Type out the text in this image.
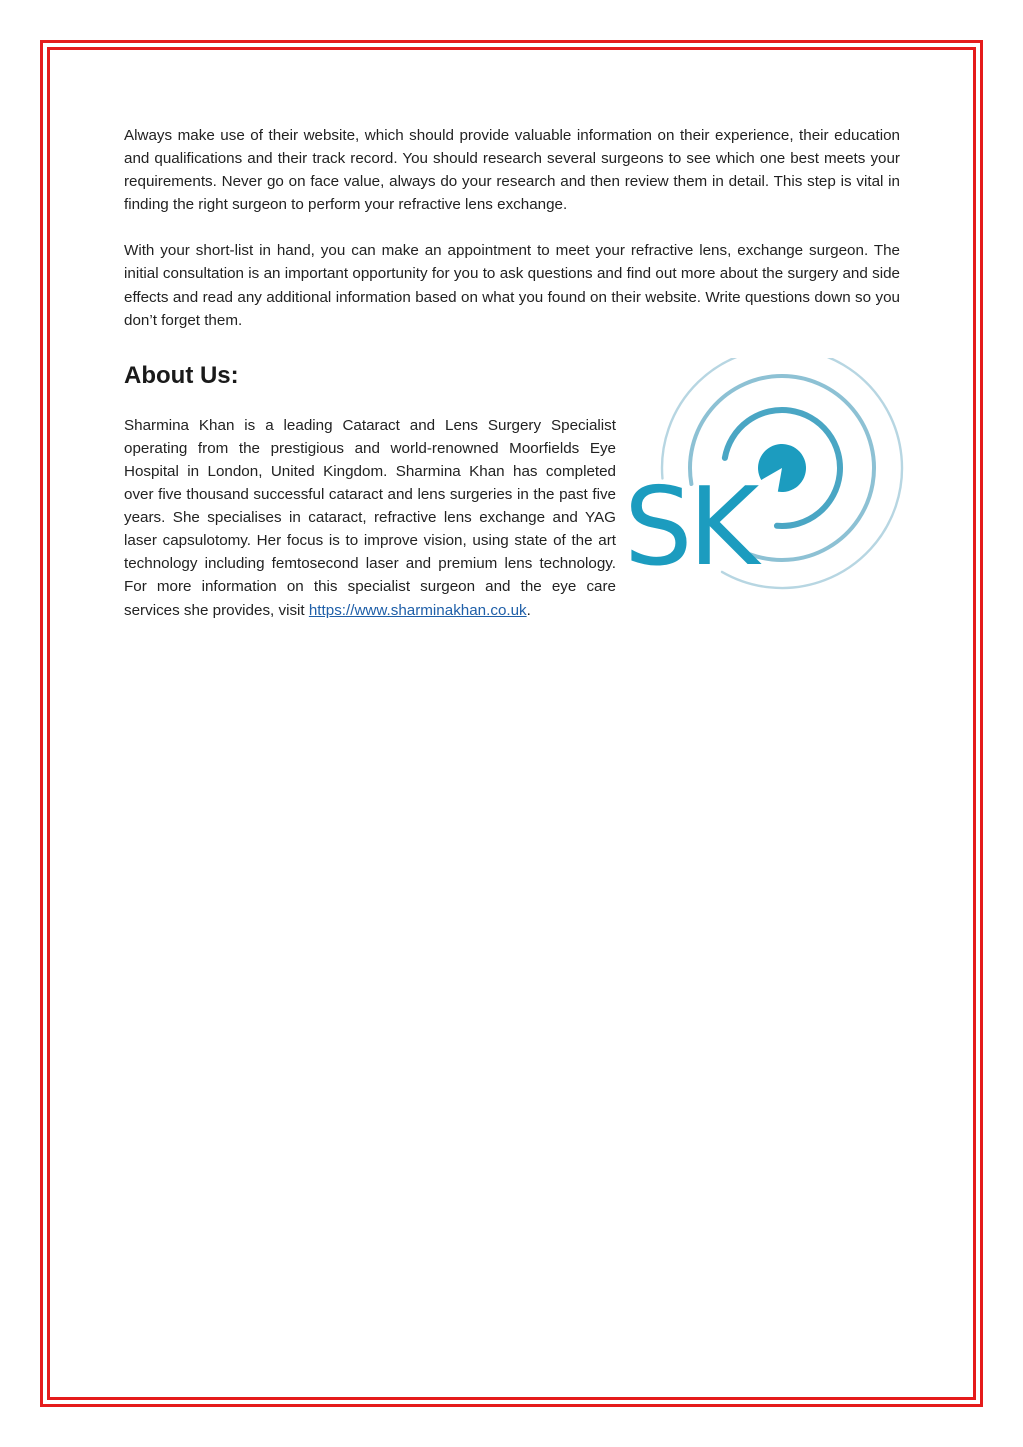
Always make use of their website, which should provide valuable information on their experience, their education and qualifications and their track record. You should research several surgeons to see which one best meets your requirements. Never go on face value, always do your research and then review them in detail. This step is vital in finding the right surgeon to perform your refractive lens exchange.

With your short-list in hand, you can make an appointment to meet your refractive lens, exchange surgeon. The initial consultation is an important opportunity for you to ask questions and find out more about the surgery and side effects and read any additional information based on what you found on their website. Write questions down so you don’t forget them.

About Us:
SK

Sharmina Khan is a leading Cataract and Lens Surgery Specialist operating from the prestigious and world-renowned Moorfields Eye Hospital in London, United Kingdom. Sharmina Khan has completed over five thousand successful cataract and lens surgeries in the past five years. She specialises in cataract, refractive lens exchange and YAG laser capsulotomy. Her focus is to improve vision, using state of the art technology including femtosecond laser and premium lens technology. For more information on this specialist surgeon and the eye care services she provides, visit https://www.sharminakhan.co.uk.
